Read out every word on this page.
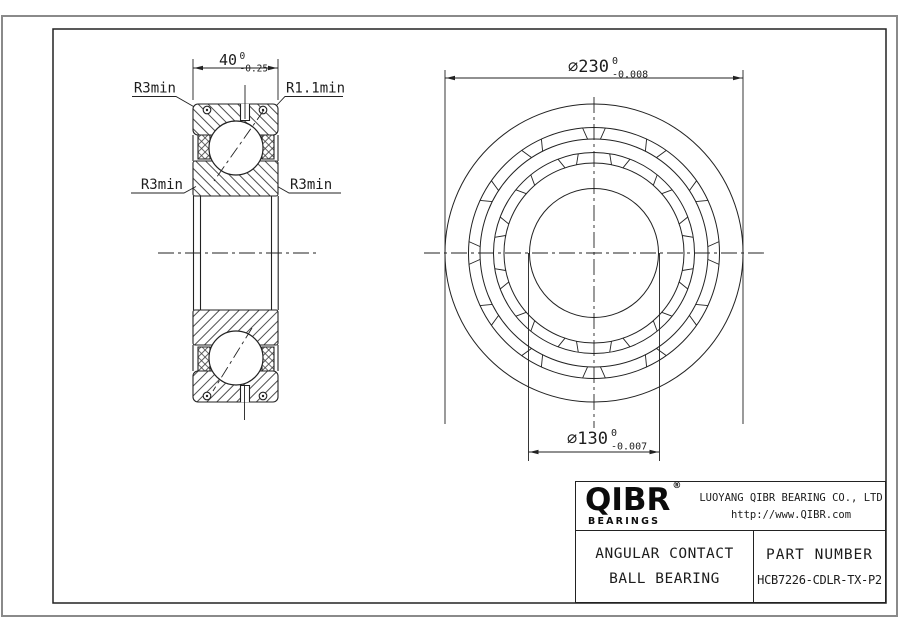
40 0
-0.25
R3min	R1.1min
R3min	R3min
⌀230 0
-0.008
⌀130 0
-0.007
QIBR ®
BEARINGS
LUOYANG QIBR BEARING CO., LTD
http://www.QIBR.com
ANGULAR CONTACT
BALL BEARING
PART NUMBER
HCB7226-CDLR-TX-P2
